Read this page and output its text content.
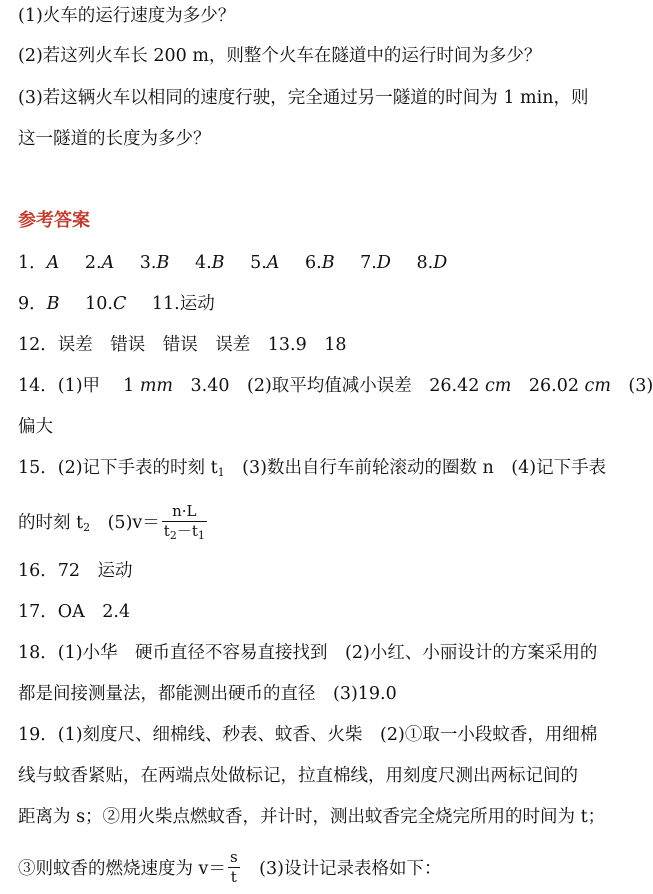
(1)火车的运行速度为多少？
(2)若这列火车长 200 m，则整个火车在隧道中的运行时间为多少？
(3)若这辆火车以相同的速度行驶，完全通过另一隧道的时间为 1 min，则
这一隧道的长度为多少？
参考答案
1．A 2.A 3.B 4.B 5.A 6.B 7.D 8.D
9．B 10.C 11.运动
12．误差　错误　错误　误差　13.9　18
14．(1)甲　 1 mm　3.40　(2)取平均值减小误差　26.42 cm　26.02 cm　(3)
偏大
15．(2)记下手表的时刻 t1　(3)数出自行车前轮滚动的圈数 n　(4)记下手表
的时刻 t2　$(5)v= \frac{n\cdot L}{t_2-t_1}$
16．72　运动
17．OA　2.4
18．(1)小华　硬币直径不容易直接找到　(2)小红、小丽设计的方案采用的
都是间接测量法，都能测出硬币的直径　(3)19.0
19．(1)刻度尺、细棉线、秒表、蚊香、火柴　(2)①取一小段蚊香，用细棉
线与蚊香紧贴，在两端点处做标记，拉直棉线，用刻度尺测出两标记间的
距离为 s；②用火柴点燃蚊香，并计时，测出蚊香完全烧完所用的时间为 t；
③则蚊香的燃烧速度为 $v= \frac{s}{t}$ 　(3)设计记录表格如下：
